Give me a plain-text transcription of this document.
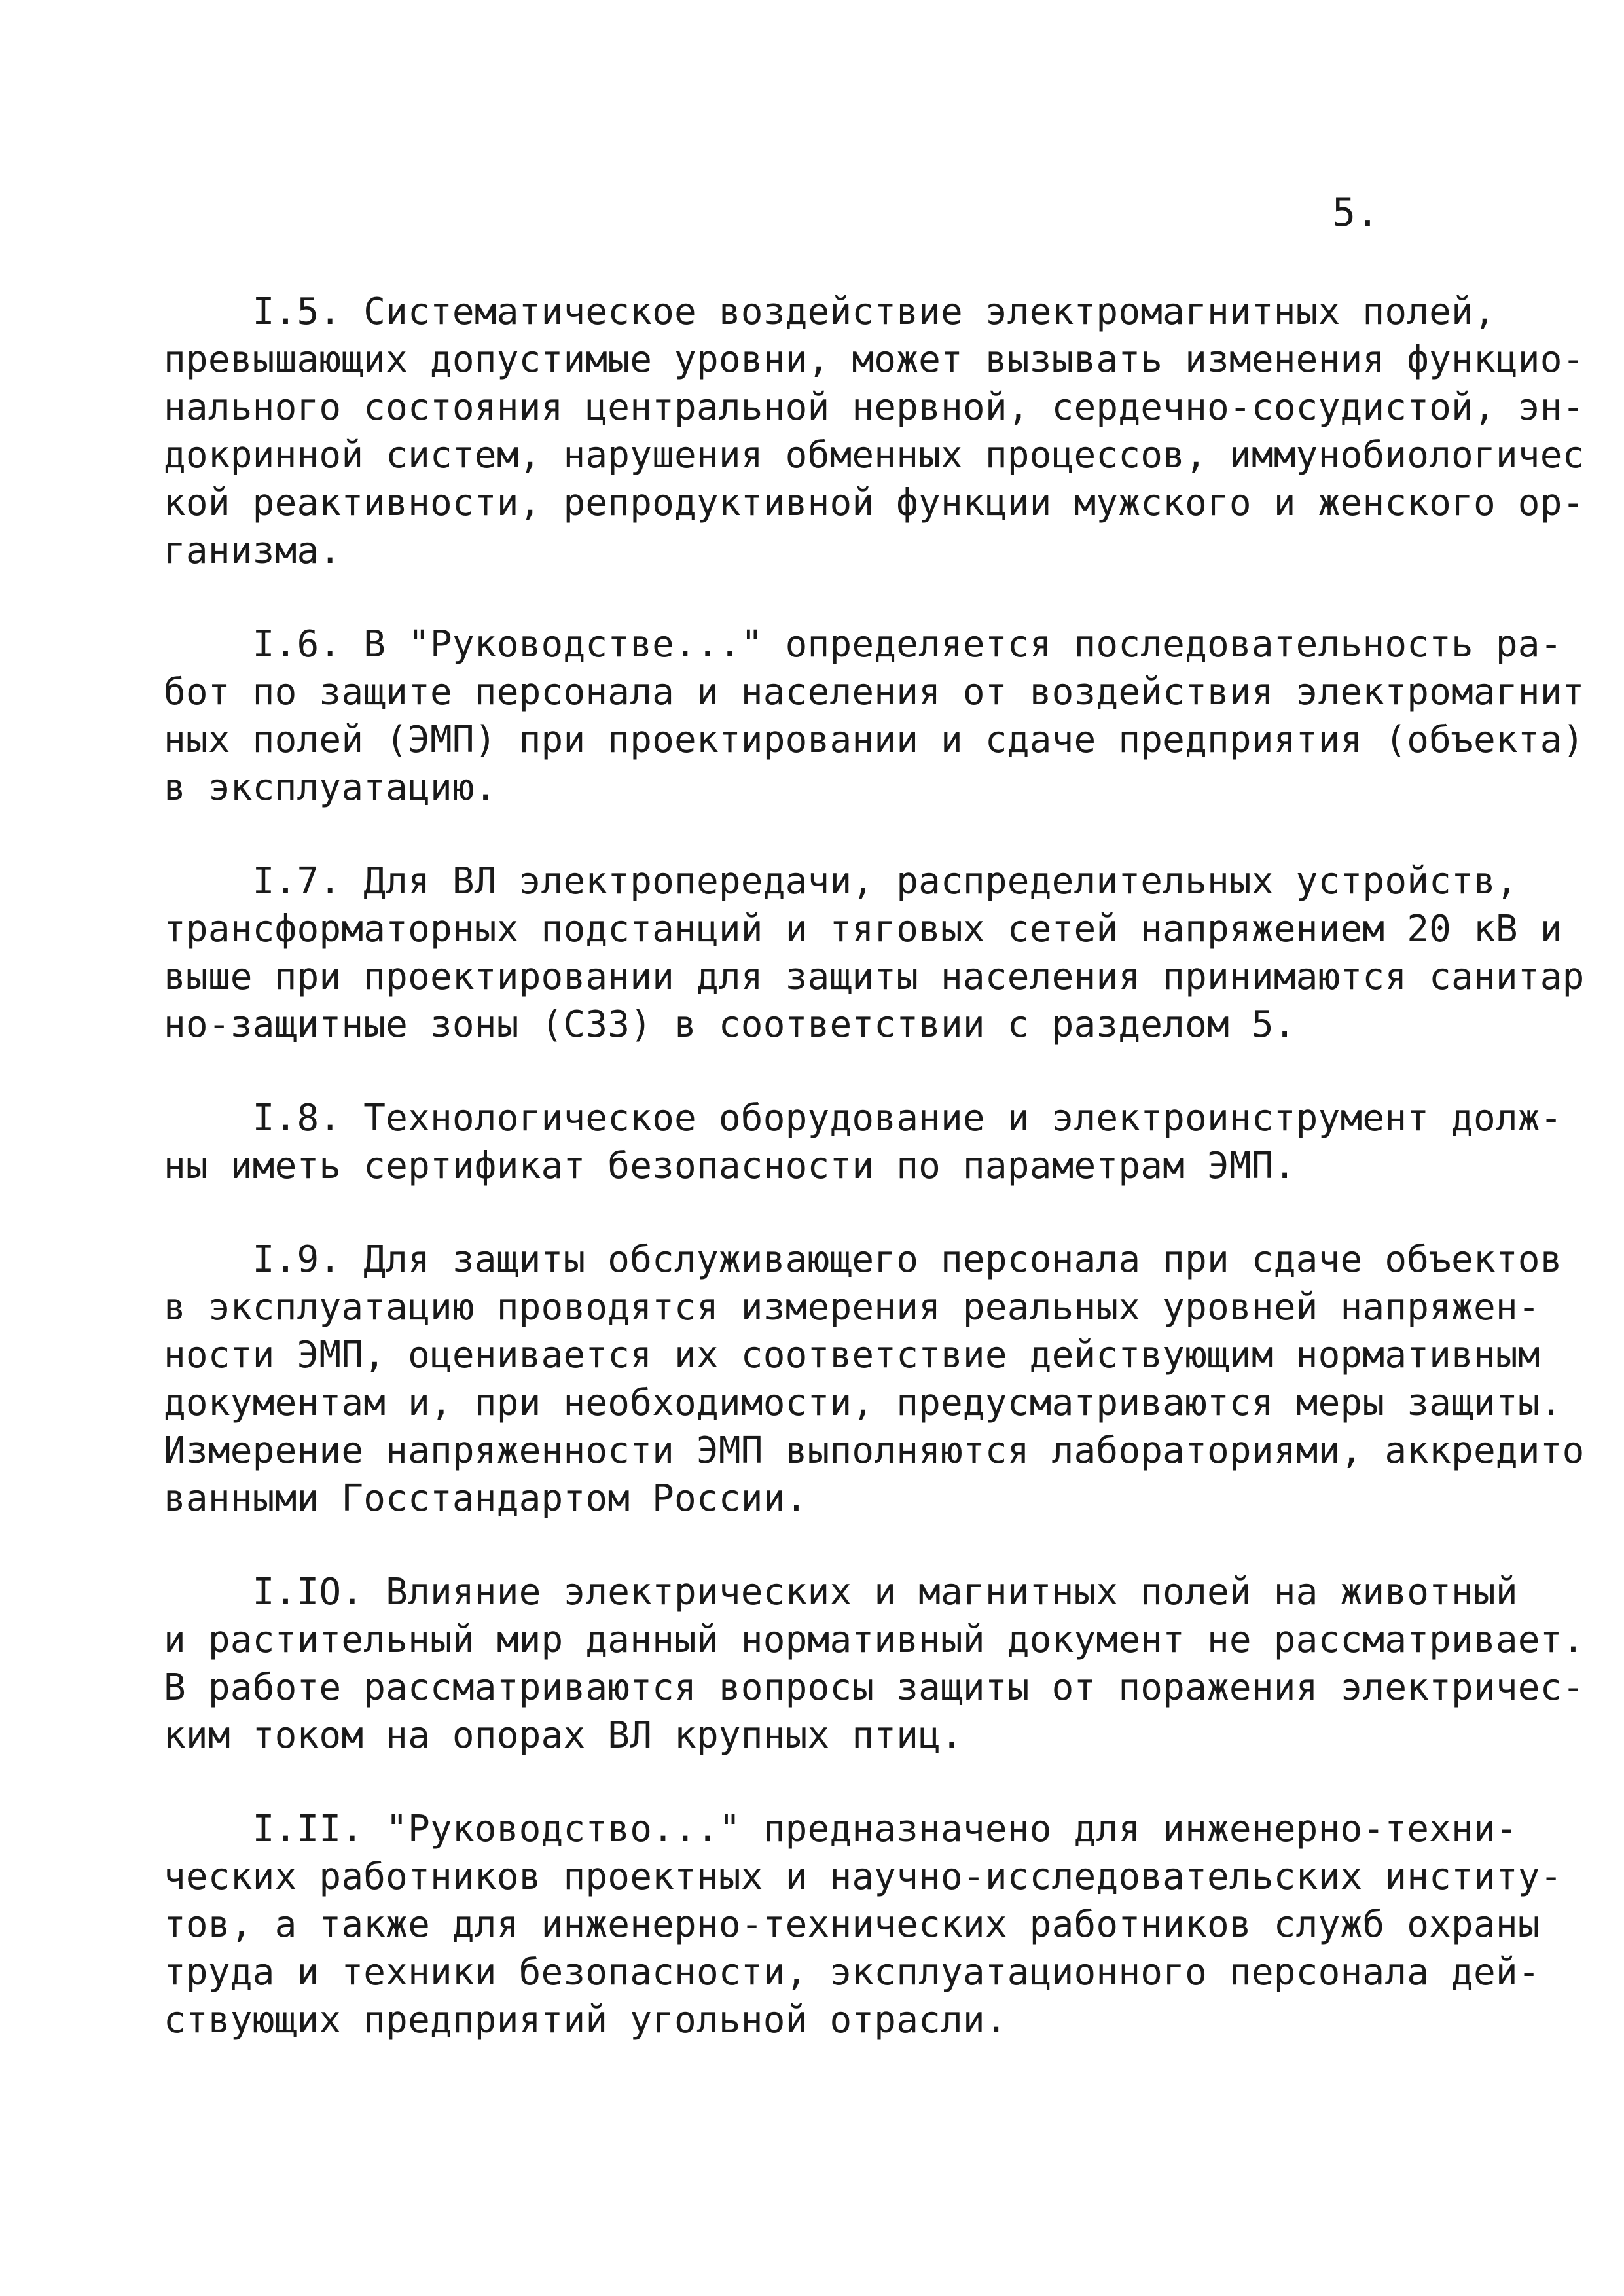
5.
I.5. Систематическое воздействие электромагнитных полей,
превышающих допустимые уровни, может вызывать изменения функцио-
нального состояния центральной нервной, сердечно-сосудистой, эн-
докринной систем, нарушения обменных процессов, иммунобиологичес
кой реактивности, репродуктивной функции мужского и женского ор-
ганизма.
I.6. В "Руководстве..." определяется последовательность ра-
бот по защите персонала и населения от воздействия электромагнит
ных полей (ЭМП) при проектировании и сдаче предприятия (объекта)
в эксплуатацию.
I.7. Для ВЛ электропередачи, распределительных устройств,
трансформаторных подстанций и тяговых сетей напряжением 20 кВ и
выше при проектировании для защиты населения принимаются санитар
но-защитные зоны (СЗЗ) в соответствии с разделом 5.
I.8. Технологическое оборудование и электроинструмент долж-
ны иметь сертификат безопасности по параметрам ЭМП.
I.9. Для защиты обслуживающего персонала при сдаче объектов
в эксплуатацию проводятся измерения реальных уровней напряжен-
ности ЭМП, оценивается их соответствие действующим нормативным
документам и, при необходимости, предусматриваются меры защиты.
Измерение напряженности ЭМП выполняются лабораториями, аккредито
ванными Госстандартом России.
I.IO. Влияние электрических и магнитных полей на животный
и растительный мир данный нормативный документ не рассматривает.
В работе рассматриваются вопросы защиты от поражения электричес-
ким током на опорах ВЛ крупных птиц.
I.II. "Руководство..." предназначено для инженерно-техни-
ческих работников проектных и научно-исследовательских институ-
тов, а также для инженерно-технических работников служб охраны
труда и техники безопасности, эксплуатационного персонала дей-
ствующих предприятий угольной отрасли.
